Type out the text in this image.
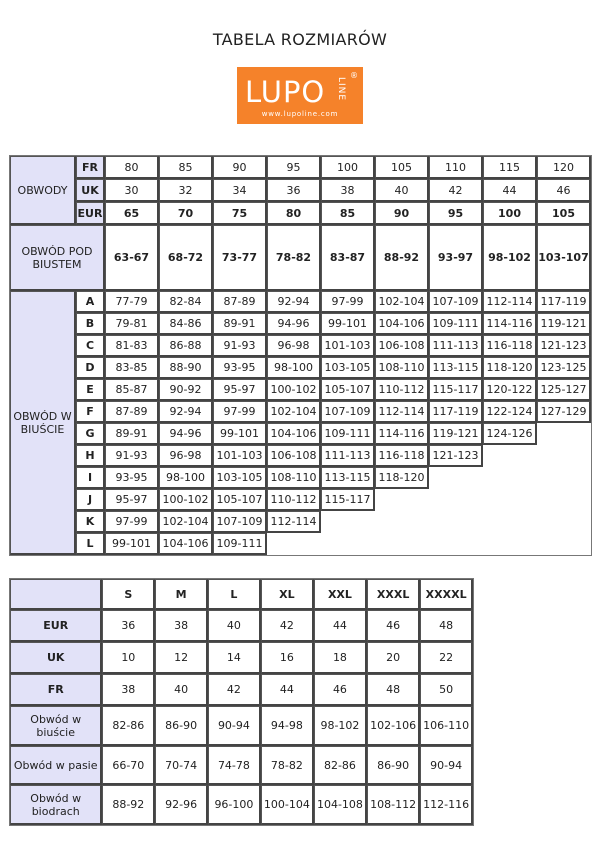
TABELA ROZMIARÓW
LUPO LINE
®
www.lupoline.com
OBWODY	FR	80	85	90	95	100	105	110	115	120
	UK	30	32	34	36	38	40	42	44	46
	EUR	65	70	75	80	85	90	95	100	105
OBWÓD POD BIUSTEM		63-67	68-72	73-77	78-82	83-87	88-92	93-97	98-102	103-107
OBWÓD W BIUŚCIE	A	77-79	82-84	87-89	92-94	97-99	102-104	107-109	112-114	117-119
	B	79-81	84-86	89-91	94-96	99-101	104-106	109-111	114-116	119-121
	C	81-83	86-88	91-93	96-98	101-103	106-108	111-113	116-118	121-123
	D	83-85	88-90	93-95	98-100	103-105	108-110	113-115	118-120	123-125
	E	85-87	90-92	95-97	100-102	105-107	110-112	115-117	120-122	125-127
	F	87-89	92-94	97-99	102-104	107-109	112-114	117-119	122-124	127-129
	G	89-91	94-96	99-101	104-106	109-111	114-116	119-121	124-126	
	H	91-93	96-98	101-103	106-108	111-113	116-118	121-123		
	I	93-95	98-100	103-105	108-110	113-115	118-120			
	J	95-97	100-102	105-107	110-112	115-117				
	K	97-99	102-104	107-109	112-114					
	L	99-101	104-106	109-111						
	S	M	L	XL	XXL	XXXL	XXXXL
EUR	36	38	40	42	44	46	48
UK	10	12	14	16	18	20	22
FR	38	40	42	44	46	48	50
Obwód w biuście	82-86	86-90	90-94	94-98	98-102	102-106	106-110
Obwód w pasie	66-70	70-74	74-78	78-82	82-86	86-90	90-94
Obwód w biodrach	88-92	92-96	96-100	100-104	104-108	108-112	112-116
